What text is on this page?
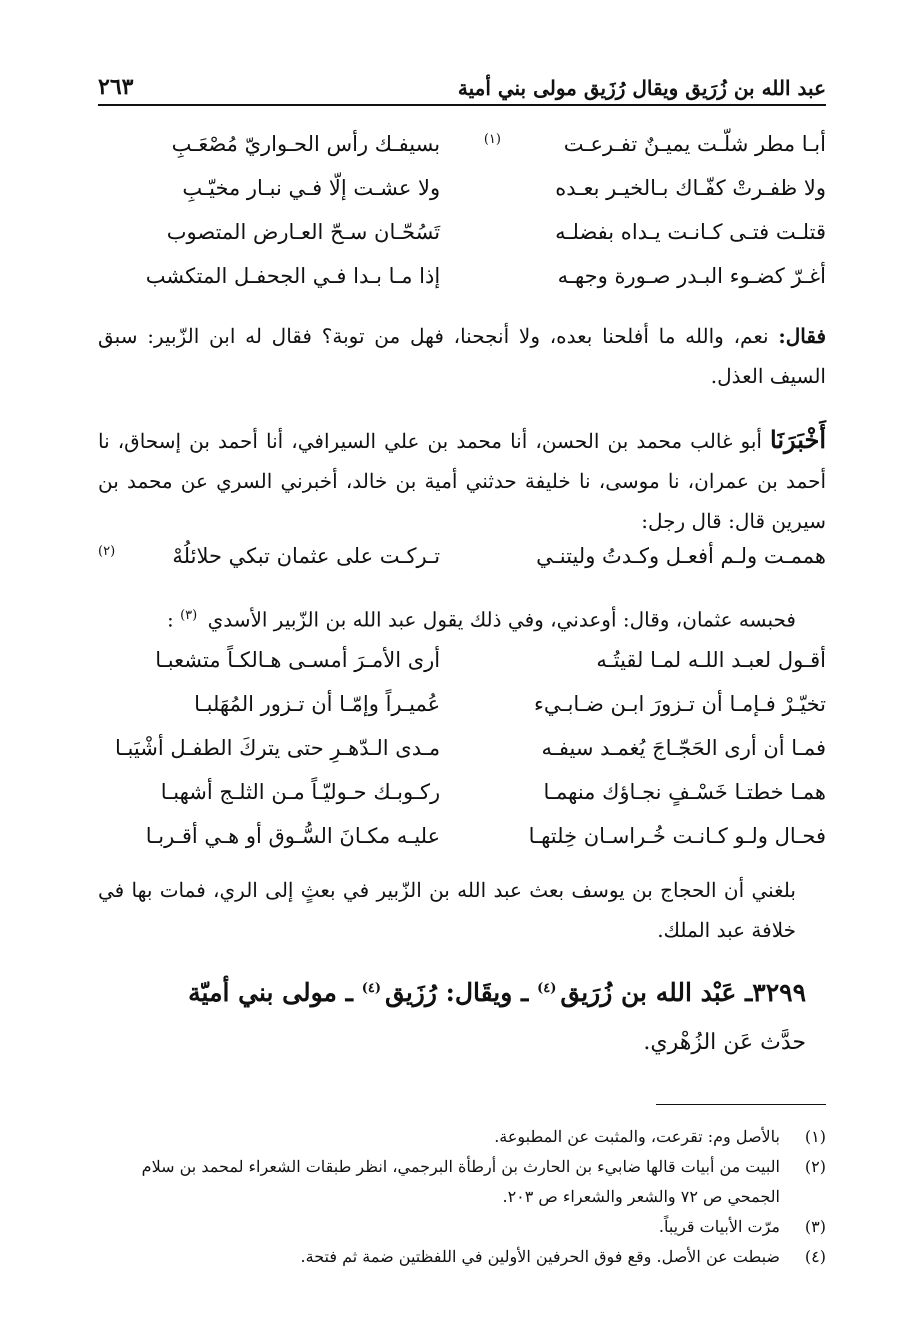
عبد الله بن زُرَيق ويقال رُزَيق مولى بني أمية
٢٦٣
أبـا مطر شلّـت يميـنٌ تفـرعـت
(١)
بسيفـك رأس الحـواريّ مُصْعَـبِ
ولا ظفـرتْ كفّـاك بـالخيـر بعـده
ولا عشـت إلّا فـي نبـار مخيّـبِ
قتلـت فتـى كـانـت يـداه بفضلـه
تَسُحّـان سـحّ العـارض المتصوب
أغـرّ كضـوء البـدر صـورة وجهـه
إذا مـا بـدا فـي الجحفـل المتكشب
فقال: نعم، والله ما أفلحنا بعده، ولا أنجحنا، فهل من توبة؟ فقال له ابن الزّبير: سبق السيف العذل.
أَخْبَرَنَا أبو غالب محمد بن الحسن، أنا محمد بن علي السيرافي، أنا أحمد بن إسحاق، نا أحمد بن عمران، نا موسى، نا خليفة حدثني أمية بن خالد، أخبرني السري عن محمد بن سيرين قال: قال رجل:
هممـت ولـم أفعـل وكـدتُ وليتنـي
تـركـت على عثمان تبكي حلائلُهْ
(٢)
فحبسه عثمان، وقال: أوعدني، وفي ذلك يقول عبد الله بن الزّبير الأسدي $^{(٣)}$ :
أقـول لعبـد اللـه لمـا لقيتُـه
أرى الأمـرَ أمسـى هـالكـاً متشعبـا
تخيّـرْ فـإمـا أن تـزورَ ابـن ضـابـيء
عُميـراً وإمّـا أن تـزور المُهَلبـا
فمـا أن أرى الحَجّـاجَ يُغمـد سيفـه
مـدى الـدّهـرِ حتى يتركَ الطفـل أشْيَبـا
همـا خطتـا خَسْـفٍ نجـاؤك منهمـا
ركـوبـك حـوليّـاً مـن الثلـج أشهبـا
فحـال ولـو كـانـت خُـراسـان خِلتهـا
عليـه مكـانَ السُّـوق أو هـي أقـربـا
بلغني أن الحجاج بن يوسف بعث عبد الله بن الزّبير في بعثٍ إلى الري، فمات بها في خلافة عبد الملك.
٣٢٩٩ـ عَبْد الله بن زُرَيق$^{(٤)}$ ـ ويقَال: رُزَيق$^{(٤)}$ ـ مولى بني أميّة
حدَّث عَن الزُهْري.
(١)
بالأصل وم: تقرعت، والمثبت عن المطبوعة.
(٢)
البيت من أبيات قالها ضابيء بن الحارث بن أرطأة البرجمي، انظر طبقات الشعراء لمحمد بن سلام الجمحي ص ٧٢ والشعر والشعراء ص ٢٠٣.
(٣)
مرّت الأبيات قريباً.
(٤)
ضبطت عن الأصل. وقع فوق الحرفين الأولين في اللفظتين ضمة ثم فتحة.
